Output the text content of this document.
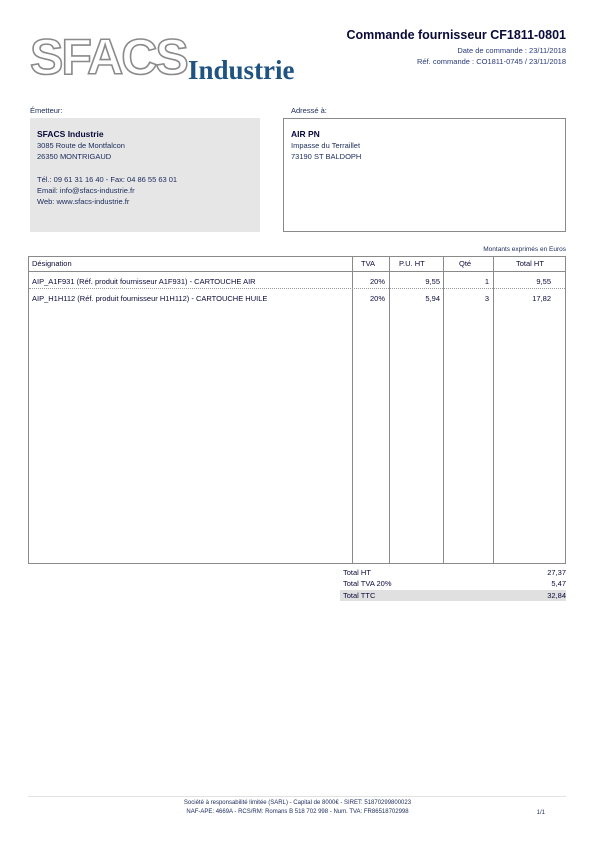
SFACS Industrie
Commande fournisseur CF1811-0801
Date de commande : 23/11/2018
Réf. commande : CO1811-0745 / 23/11/2018
Émetteur:
SFACS Industrie
3085 Route de Montfalcon
26350 MONTRIGAUD
Tél.: 09 61 31 16 40 - Fax: 04 86 55 63 01
Email: info@sfacs-industrie.fr
Web: www.sfacs-industrie.fr
Adressé à:
AIR PN
Impasse du Terraillet
73190 ST BALDOPH
Montants exprimés en Euros
Désignation	TVA	P.U. HT	Qté	Total HT
AIP_A1F931 (Réf. produit fournisseur A1F931) - CARTOUCHE AIR	20%	9,55	1	9,55
AIP_H1H112 (Réf. produit fournisseur H1H112) - CARTOUCHE HUILE	20%	5,94	3	17,82
Total HT	27,37
Total TVA 20%	5,47
Total TTC	32,84
Société à responsabilité limitée (SARL) - Capital de 8000€ - SIRET: 51870299800023
NAF-APE: 4669A - RCS/RM: Romans B 518 702 998 - Num. TVA: FR86518702998	1/1
